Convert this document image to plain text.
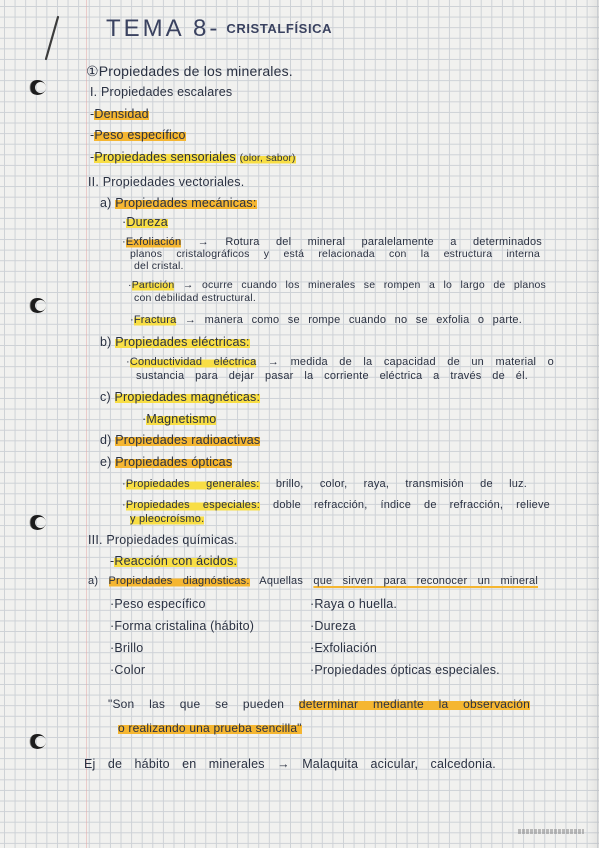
TEMA 8- CRISTALFÍSICA
①Propiedades de los minerales.
I. Propiedades escalares
-Densidad
-Peso específico
-Propiedades sensoriales (olor, sabor)
II. Propiedades vectoriales.
a) Propiedades mecánicas:
·Dureza
·Exfoliación → Rotura del mineral paralelamente a determinados
planos cristalográficos y está relacionada con la estructura interna
del cristal.
·Partición → ocurre cuando los minerales se rompen a lo largo de planos
con debilidad estructural.
·Fractura → manera como se rompe cuando no se exfolia o parte.
b) Propiedades eléctricas:
·Conductividad eléctrica → medida de la capacidad de un material o
sustancia para dejar pasar la corriente eléctrica a través de él.
c) Propiedades magnéticas:
·Magnetismo
d) Propiedades radioactivas
e) Propiedades ópticas
·Propiedades generales: brillo, color, raya, transmisión de luz.
·Propiedades especiales: doble refracción, índice de refracción, relieve
y pleocroísmo.
III. Propiedades químicas.
-Reacción con ácidos.
a) Propiedades diagnósticas: Aquellas que sirven para reconocer un mineral
·Peso específico
·Forma cristalina (hábito)
·Brillo
·Color
·Raya o huella.
·Dureza
·Exfoliación
·Propiedades ópticas especiales.
"Son las que se pueden determinar mediante la observación
o realizando una prueba sencilla"
Ej de hábito en minerales → Malaquita acicular, calcedonia.
